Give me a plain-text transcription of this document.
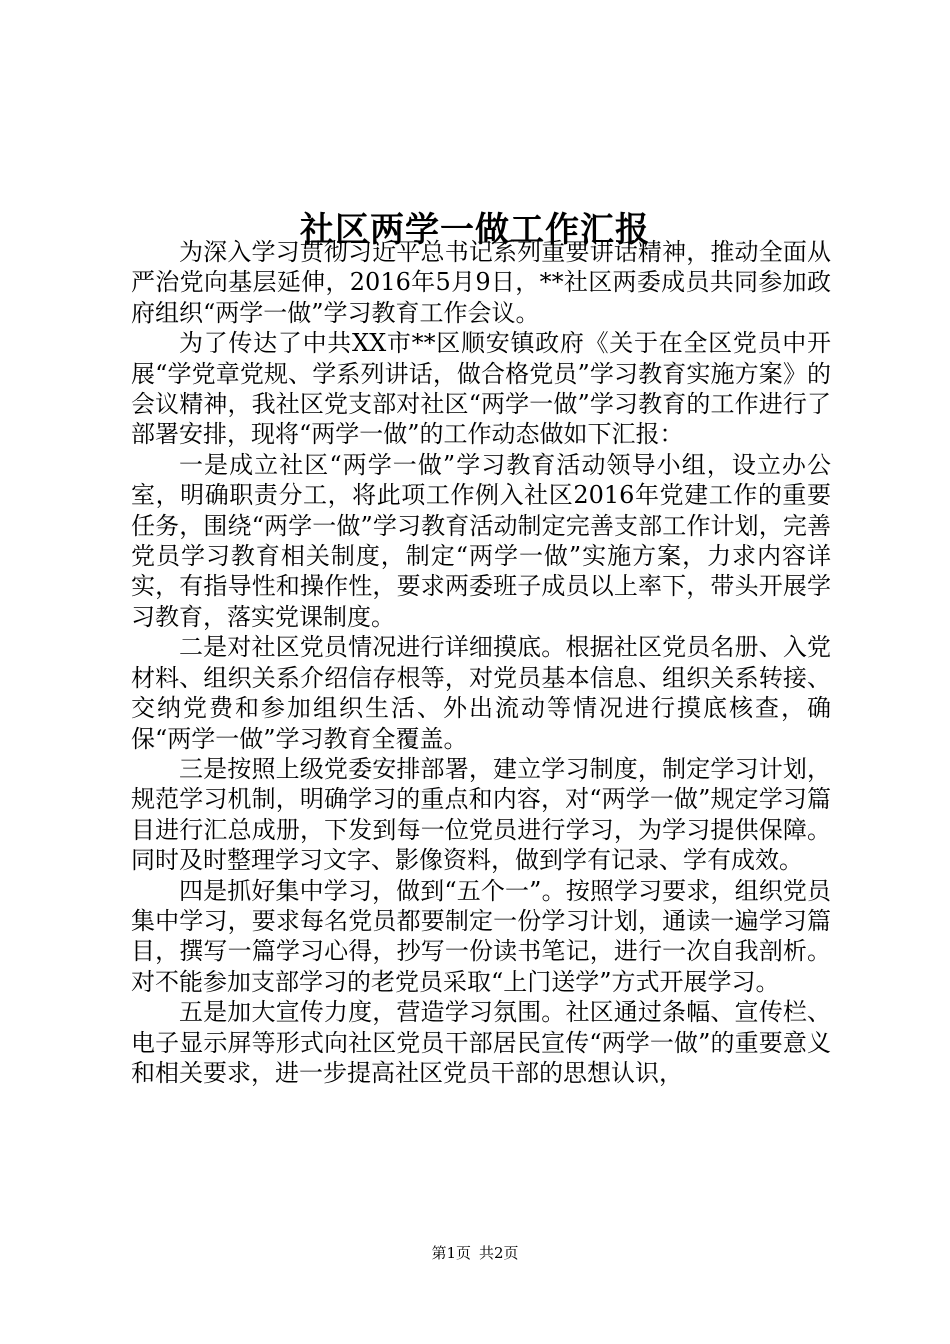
社区两学一做工作汇报

为深入学习贯彻习近平总书记系列重要讲话精神，推动全面从严治党向基层延伸，2016年5月9日，**社区两委成员共同参加政府组织“两学一做”学习教育工作会议。

为了传达了中共XX市**区顺安镇政府《关于在全区党员中开展“学党章党规、学系列讲话，做合格党员”学习教育实施方案》的会议精神，我社区党支部对社区“两学一做”学习教育的工作进行了部署安排，现将“两学一做”的工作动态做如下汇报：

一是成立社区“两学一做”学习教育活动领导小组，设立办公室，明确职责分工，将此项工作例入社区2016年党建工作的重要任务，围绕“两学一做”学习教育活动制定完善支部工作计划，完善党员学习教育相关制度，制定“两学一做”实施方案，力求内容详实，有指导性和操作性，要求两委班子成员以上率下，带头开展学习教育，落实党课制度。

二是对社区党员情况进行详细摸底。根据社区党员名册、入党材料、组织关系介绍信存根等，对党员基本信息、组织关系转接、交纳党费和参加组织生活、外出流动等情况进行摸底核查，确保“两学一做”学习教育全覆盖。

三是按照上级党委安排部署，建立学习制度，制定学习计划，规范学习机制，明确学习的重点和内容，对“两学一做”规定学习篇目进行汇总成册，下发到每一位党员进行学习，为学习提供保障。同时及时整理学习文字、影像资料，做到学有记录、学有成效。

四是抓好集中学习，做到“五个一”。按照学习要求，组织党员集中学习，要求每名党员都要制定一份学习计划，通读一遍学习篇目，撰写一篇学习心得，抄写一份读书笔记，进行一次自我剖析。对不能参加支部学习的老党员采取“上门送学”方式开展学习。

五是加大宣传力度，营造学习氛围。社区通过条幅、宣传栏、电子显示屏等形式向社区党员干部居民宣传“两学一做”的重要意义和相关要求，进一步提高社区党员干部的思想认识，

第1页 共2页
